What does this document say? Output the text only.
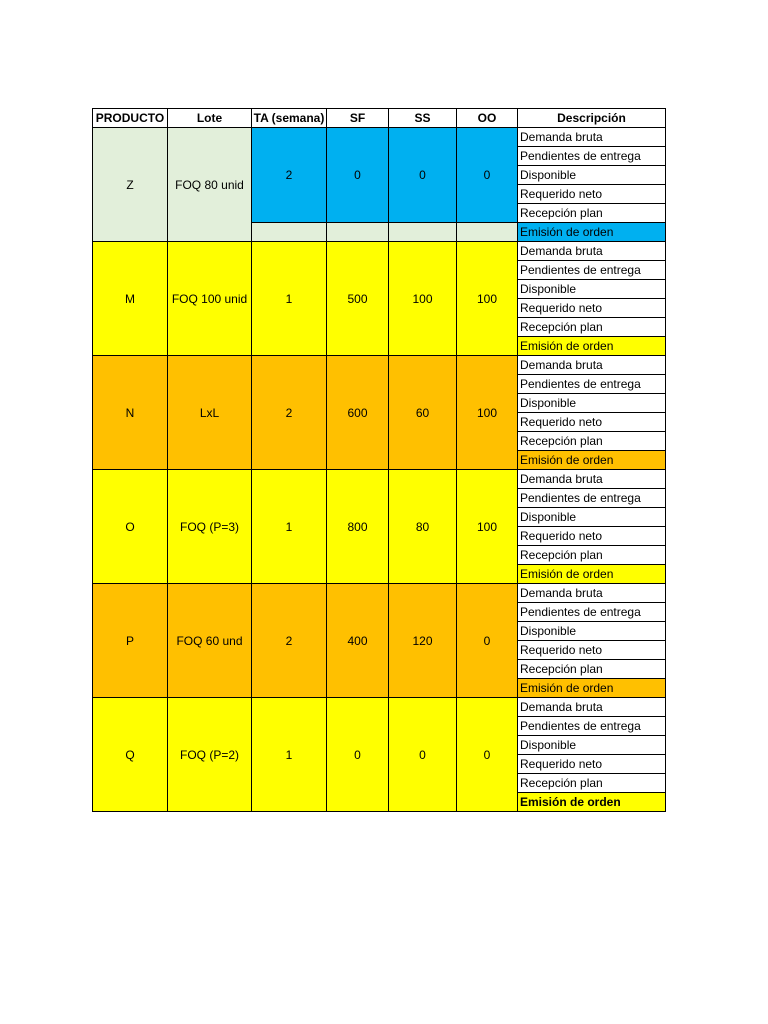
PRODUCTO	Lote	TA (semana)	SF	SS	OO	Descripción
Z	FOQ 80 unid	2	0	0	0	Demanda bruta
						Pendientes de entrega
						Disponible
						Requerido neto
						Recepción plan
						Emisión de orden
M	FOQ 100 unid	1	500	100	100	Demanda bruta
						Pendientes de entrega
						Disponible
						Requerido neto
						Recepción plan
						Emisión de orden
N	LxL	2	600	60	100	Demanda bruta
						Pendientes de entrega
						Disponible
						Requerido neto
						Recepción plan
						Emisión de orden
O	FOQ (P=3)	1	800	80	100	Demanda bruta
						Pendientes de entrega
						Disponible
						Requerido neto
						Recepción plan
						Emisión de orden
P	FOQ 60 und	2	400	120	0	Demanda bruta
						Pendientes de entrega
						Disponible
						Requerido neto
						Recepción plan
						Emisión de orden
Q	FOQ (P=2)	1	0	0	0	Demanda bruta
						Pendientes de entrega
						Disponible
						Requerido neto
						Recepción plan
						Emisión de orden
